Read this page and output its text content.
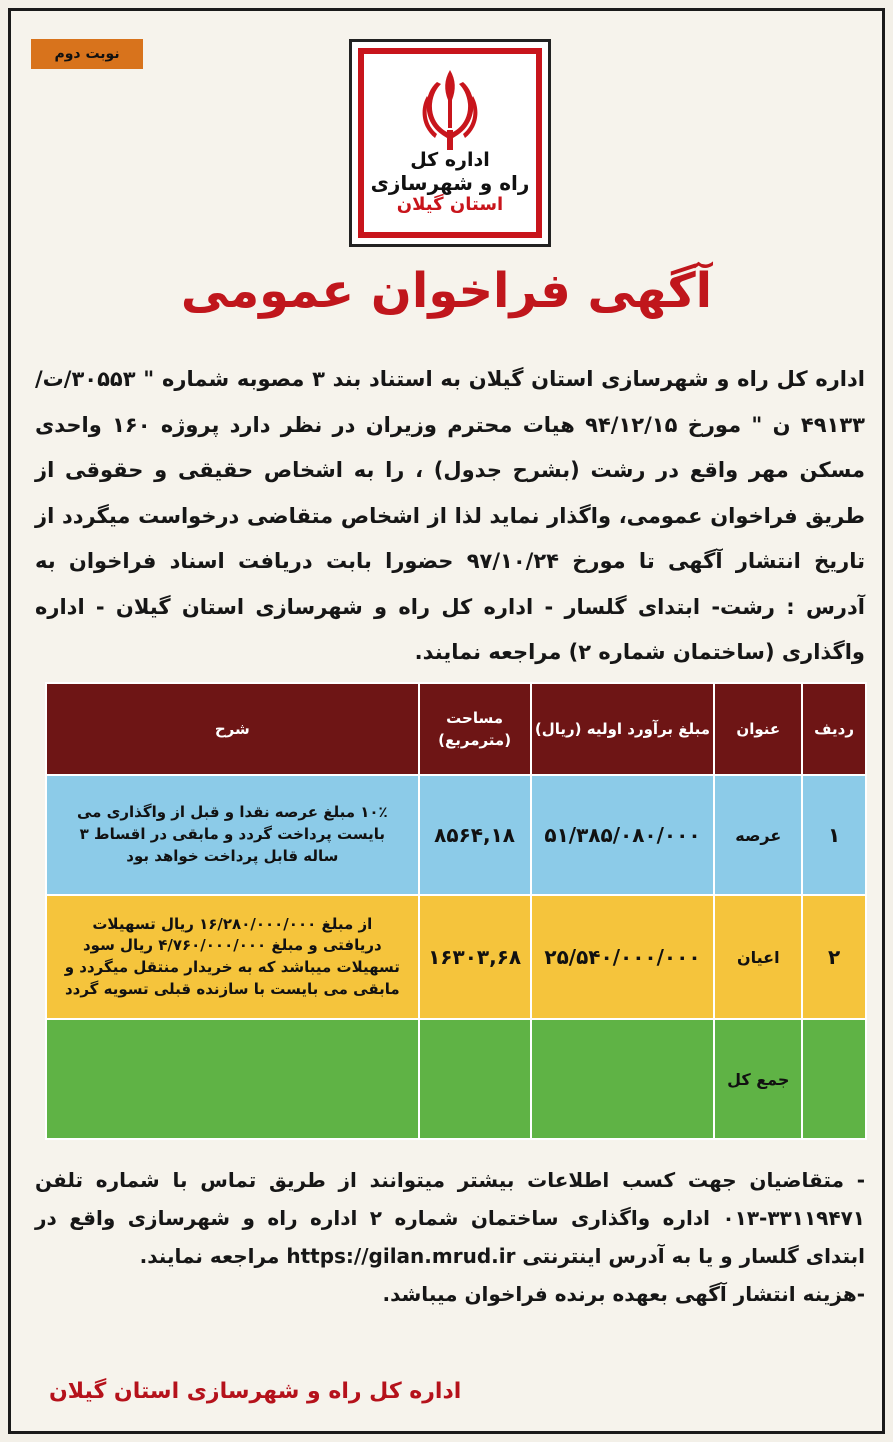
نوبت دوم
اداره کل
راه و شهرسازی
استان گیلان
آگهی فراخوان عمومی

اداره کل راه و شهرسازی استان گیلان به استناد بند ۳ مصوبه شماره " ۳۰۵۵۳/ت/۴۹۱۳۳ ن " مورخ ۹۴/۱۲/۱۵ هیات محترم وزیران در نظر دارد پروژه ۱۶۰ واحدی مسکن مهر واقع در رشت (بشرح جدول) ، را به اشخاص حقیقی و حقوقی از طریق فراخوان عمومی، واگذار نماید لذا از اشخاص متقاضی درخواست میگردد از تاریخ انتشار آگهی تا مورخ ۹۷/۱۰/۲۴ حضورا بابت دریافت اسناد فراخوان به آدرس : رشت- ابتدای گلسار - اداره کل راه و شهرسازی استان گیلان - اداره واگذاری (ساختمان شماره ۲) مراجعه نمایند.

ردیف	عنوان	مبلغ برآورد اولیه (ریال)	مساحت (مترمربع)	شرح
۱	عرصه	۵۱/۳۸۵/۰۸۰/۰۰۰	۸۵۶۴,۱۸	۱۰٪ مبلغ عرصه نقدا و قبل از واگذاری می بایست پرداخت گردد و مابقی در اقساط ۳ ساله قابل پرداخت خواهد بود
۲	اعیان	۲۵/۵۴۰/۰۰۰/۰۰۰	۱۶۳۰۳,۶۸	از مبلغ ۱۶/۲۸۰/۰۰۰/۰۰۰ ریال تسهیلات دریافتی و مبلغ ۴/۷۶۰/۰۰۰/۰۰۰ ریال سود تسهیلات میباشد که به خریدار منتقل میگردد و مابقی می بایست با سازنده قبلی تسویه گردد
	جمع کل			

- متقاضیان جهت کسب اطلاعات بیشتر میتوانند از طریق تماس با شماره تلفن ۳۳۱۱۹۴۷۱-۰۱۳ اداره واگذاری ساختمان شماره ۲ اداره راه و شهرسازی واقع در ابتدای گلسار و یا به آدرس اینترنتی https://gilan.mrud.ir مراجعه نمایند.

-هزینه انتشار آگهی بعهده برنده فراخوان میباشد.

اداره کل راه و شهرسازی استان گیلان
